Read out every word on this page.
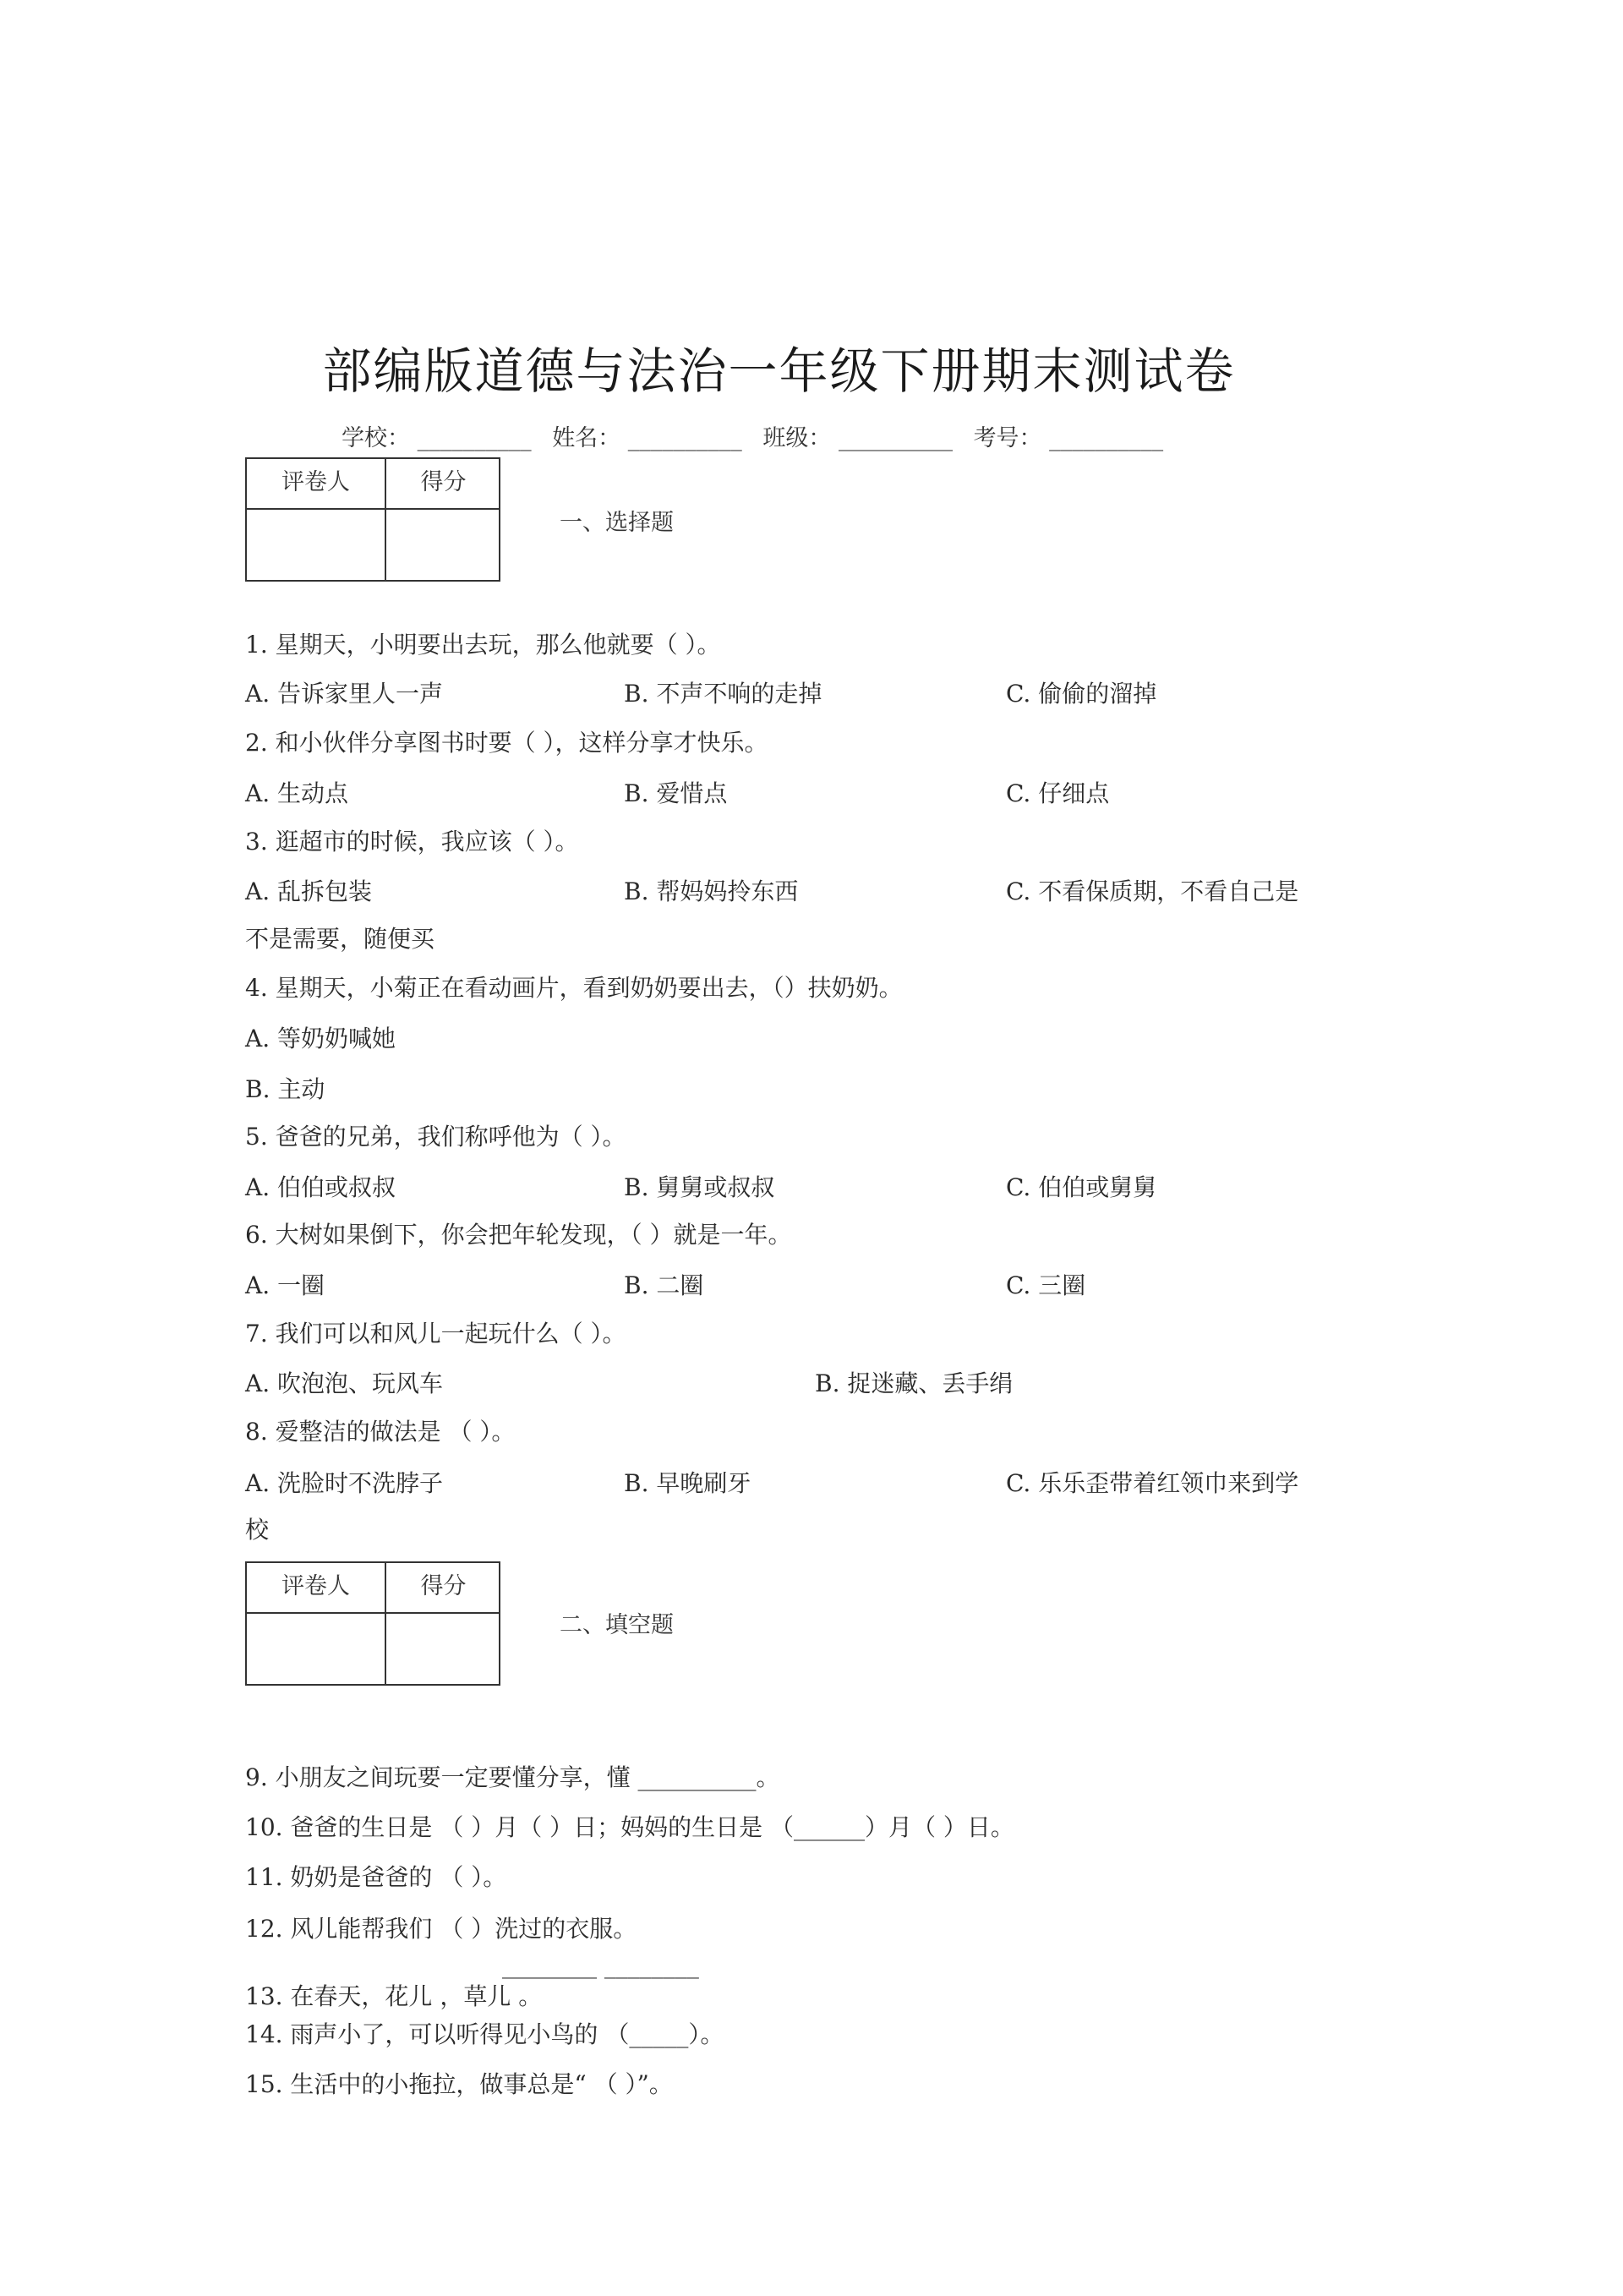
部编版道德与法治一年级下册期末测试卷
学校： __________ 姓名： __________ 班级： __________ 考号： __________
评卷人	得分
一、选择题
1. 星期天，小明要出去玩，那么他就要（ ）。
A. 告诉家里人一声	B. 不声不响的走掉	C. 偷偷的溜掉
2. 和小伙伴分享图书时要（ ），这样分享才快乐。
A. 生动点	B. 爱惜点	C. 仔细点
3. 逛超市的时候，我应该（ ）。
A. 乱拆包装	B. 帮妈妈拎东西	C. 不看保质期，不看自己是
不是需要，随便买
4. 星期天，小菊正在看动画片，看到奶奶要出去，（）扶奶奶。
A. 等奶奶喊她
B. 主动
5. 爸爸的兄弟，我们称呼他为（ ）。
A. 伯伯或叔叔	B. 舅舅或叔叔	C. 伯伯或舅舅
6. 大树如果倒下，你会把年轮发现，（ ）就是一年。
A. 一圈	B. 二圈	C. 三圈
7. 我们可以和风儿一起玩什么（ ）。
A. 吹泡泡、玩风车	B. 捉迷藏、丢手绢
8. 爱整洁的做法是 （ ）。
A. 洗脸时不洗脖子	B. 早晚刷牙	C. 乐乐歪带着红领巾来到学
校
评卷人	得分
二、填空题
9. 小朋友之间玩要一定要懂分享，懂 __________。
10. 爸爸的生日是 （ ）月（ ）日；妈妈的生日是 （______）月（ ）日。
11. 奶奶是爸爸的 （ ）。
12. 风儿能帮我们 （ ）洗过的衣服。
________ ________
13. 在春天，花儿 ，草儿 。
14. 雨声小了，可以听得见小鸟的 （_____）。
15. 生活中的小拖拉，做事总是“ （ ）”。
